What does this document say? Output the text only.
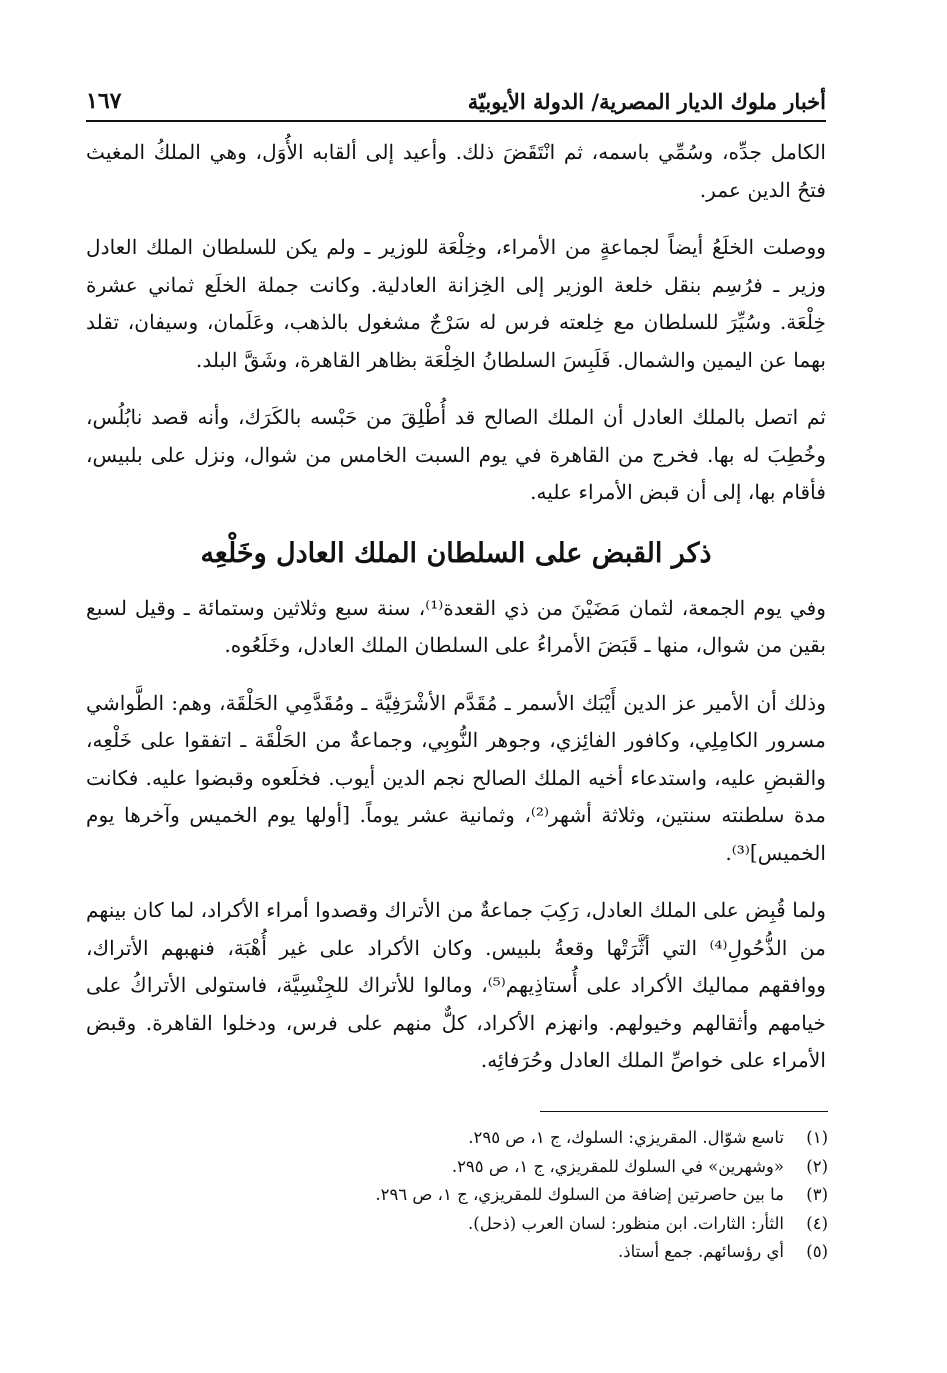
أخبار ملوك الديار المصرية/ الدولة الأيوبيّة
١٦٧

الكامل جدِّه، وسُمِّي باسمه، ثم انْتَقَضَ ذلك. وأعيد إلى ألقابه الأُوَل، وهي الملكُ المغيث فتحُ الدين عمر.

ووصلت الخلَعُ أيضاً لجماعةٍ من الأمراء، وخِلْعَة للوزير ـ ولم يكن للسلطان الملك العادل وزير ـ فرُسِم بنقل خلعة الوزير إلى الخِزانة العادلية. وكانت جملة الخلَع ثماني عشرة خِلْعَة. وسُيِّرَ للسلطان مع خِلعته فرس له سَرْجٌ مشغول بالذهب، وعَلَمان، وسيفان، تقلد بهما عن اليمين والشمال. فَلَبِسَ السلطانُ الخِلْعَة بظاهر القاهرة، وشَقَّ البلد.

ثم اتصل بالملك العادل أن الملك الصالح قد أُطْلِقَ من حَبْسه بالكَرَك، وأنه قصد نابُلُس، وخُطِبَ له بها. فخرج من القاهرة في يوم السبت الخامس من شوال، ونزل على بلبيس، فأقام بها، إلى أن قبض الأمراء عليه.

ذكر القبض على السلطان الملك العادل وخَلْعِه

وفي يوم الجمعة، لثمان مَضَيْنَ من ذي القعدة⁽¹⁾، سنة سبع وثلاثين وستمائة ـ وقيل لسبع بقين من شوال، منها ـ قَبَضَ الأمراءُ على السلطان الملك العادل، وخَلَعُوه.

وذلك أن الأمير عز الدين أَيْبَك الأسمر ـ مُقَدَّم الأشْرَفِيَّة ـ ومُقَدَّمِي الحَلْقَة، وهم: الطَّواشي مسرور الكامِلِي، وكافور الفائِزي، وجوهر النُّوبِي، وجماعةٌ من الحَلْقَة ـ اتفقوا على خَلْعِه، والقبضِ عليه، واستدعاء أخيه الملك الصالح نجم الدين أيوب. فخلَعوه وقبضوا عليه. فكانت مدة سلطنته سنتين، وثلاثة أشهر⁽²⁾، وثمانية عشر يوماً. [أولها يوم الخميس وآخرها يوم الخميس]⁽³⁾.

ولما قُبِض على الملك العادل، رَكِبَ جماعةٌ من الأتراك وقصدوا أمراء الأكراد، لما كان بينهم من الذُّحُولِ⁽⁴⁾ التي أثَّرَتْها وقعةُ بلبيس. وكان الأكراد على غير أُهْبَة، فنهبهم الأتراك، ووافقهم مماليك الأكراد على أُستاذِيهم⁽⁵⁾، ومالوا للأتراك للجِنْسِيَّة، فاستولى الأتراكُ على خيامهم وأثقالهم وخيولهم. وانهزم الأكراد، كلٌّ منهم على فرس، ودخلوا القاهرة. وقبض الأمراء على خواصِّ الملك العادل وحُرَفائِه.

(١)
تاسع شوّال. المقريزي: السلوك، ج ١، ص ٢٩٥.
(٢)
«وشهرين» في السلوك للمقريزي، ج ١، ص ٢٩٥.
(٣)
ما بين حاصرتين إضافة من السلوك للمقريزي، ج ١، ص ٢٩٦.
(٤)
الثأر: الثارات. ابن منظور: لسان العرب (ذحل).
(٥)
أي رؤسائهم. جمع أستاذ.
